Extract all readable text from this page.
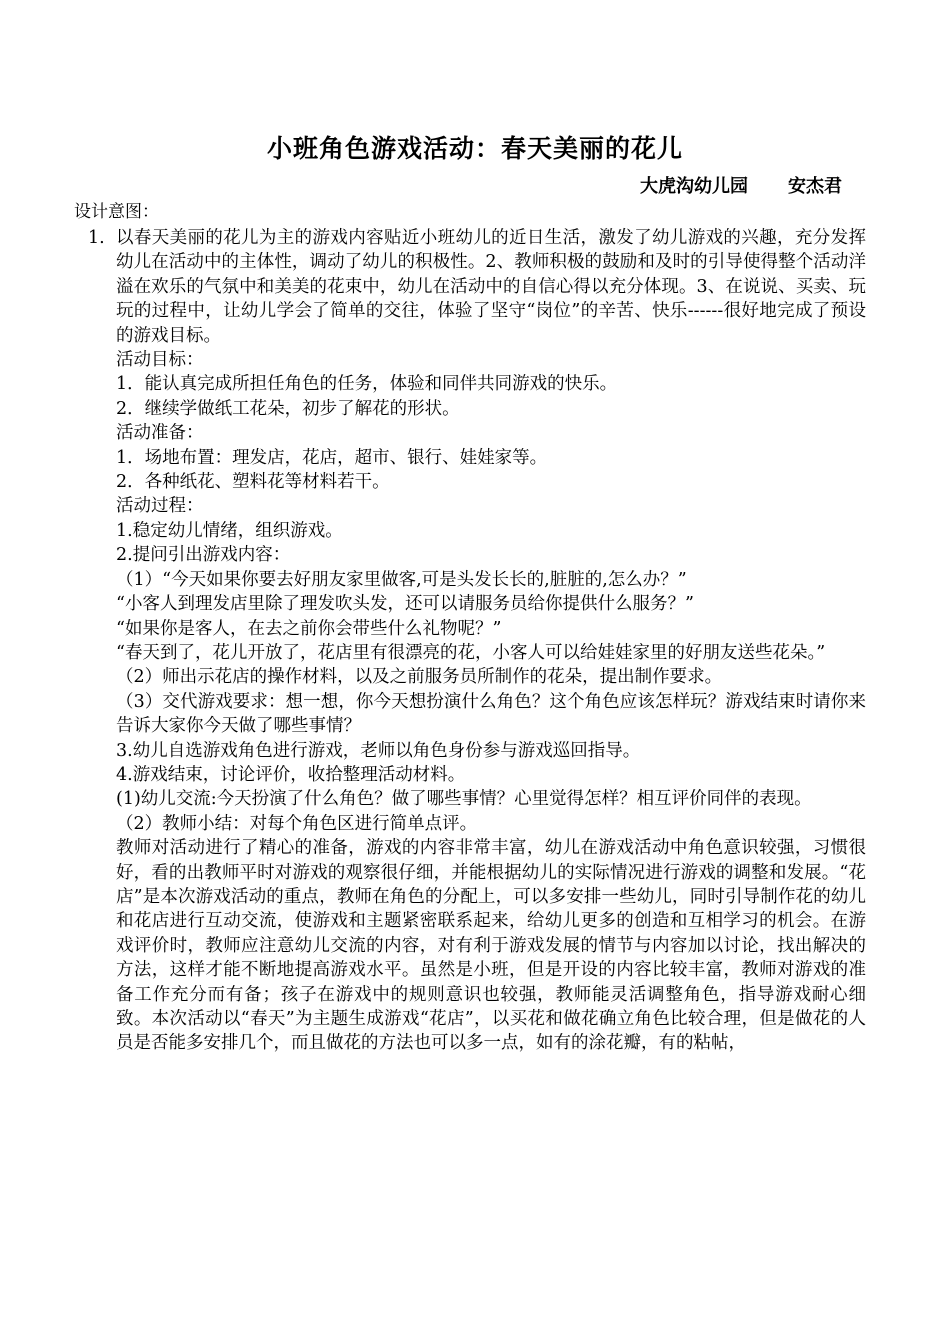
小班角色游戏活动：春天美丽的花儿
大虎沟幼儿园 安杰君
设计意图：
1. 以春天美丽的花儿为主的游戏内容贴近小班幼儿的近日生活，激发了幼儿游戏的兴趣，充分发挥幼儿在活动中的主体性，调动了幼儿的积极性。2、教师积极的鼓励和及时的引导使得整个活动洋溢在欢乐的气氛中和美美的花束中，幼儿在活动中的自信心得以充分体现。3、在说说、买卖、玩玩的过程中，让幼儿学会了简单的交往，体验了坚守“岗位”的辛苦、快乐------很好地完成了预设的游戏目标。

活动目标：

1．能认真完成所担任角色的任务，体验和同伴共同游戏的快乐。

2．继续学做纸工花朵，初步了解花的形状。

活动准备：

1．场地布置：理发店，花店，超市、银行、娃娃家等。

2．各种纸花、塑料花等材料若干。

活动过程：

1.稳定幼儿情绪，组织游戏。

2.提问引出游戏内容：

（1）“今天如果你要去好朋友家里做客,可是头发长长的,脏脏的,怎么办？”

“小客人到理发店里除了理发吹头发，还可以请服务员给你提供什么服务？”

“如果你是客人，在去之前你会带些什么礼物呢？”

“春天到了，花儿开放了，花店里有很漂亮的花，小客人可以给娃娃家里的好朋友送些花朵。”

（2）师出示花店的操作材料，以及之前服务员所制作的花朵，提出制作要求。

（3）交代游戏要求：想一想，你今天想扮演什么角色？这个角色应该怎样玩？游戏结束时请你来告诉大家你今天做了哪些事情？

3.幼儿自选游戏角色进行游戏，老师以角色身份参与游戏巡回指导。

4.游戏结束，讨论评价，收拾整理活动材料。

(1)幼儿交流:今天扮演了什么角色？做了哪些事情？心里觉得怎样？相互评价同伴的表现。

（2）教师小结：对每个角色区进行简单点评。

教师对活动进行了精心的准备，游戏的内容非常丰富，幼儿在游戏活动中角色意识较强，习惯很好，看的出教师平时对游戏的观察很仔细，并能根据幼儿的实际情况进行游戏的调整和发展。“花店”是本次游戏活动的重点，教师在角色的分配上，可以多安排一些幼儿，同时引导制作花的幼儿和花店进行互动交流，使游戏和主题紧密联系起来，给幼儿更多的创造和互相学习的机会。在游戏评价时，教师应注意幼儿交流的内容，对有利于游戏发展的情节与内容加以讨论，找出解决的方法，这样才能不断地提高游戏水平。虽然是小班，但是开设的内容比较丰富，教师对游戏的准备工作充分而有备；孩子在游戏中的规则意识也较强，教师能灵活调整角色，指导游戏耐心细致。本次活动以“春天”为主题生成游戏“花店”，以买花和做花确立角色比较合理，但是做花的人员是否能多安排几个，而且做花的方法也可以多一点，如有的涂花瓣，有的粘帖，
